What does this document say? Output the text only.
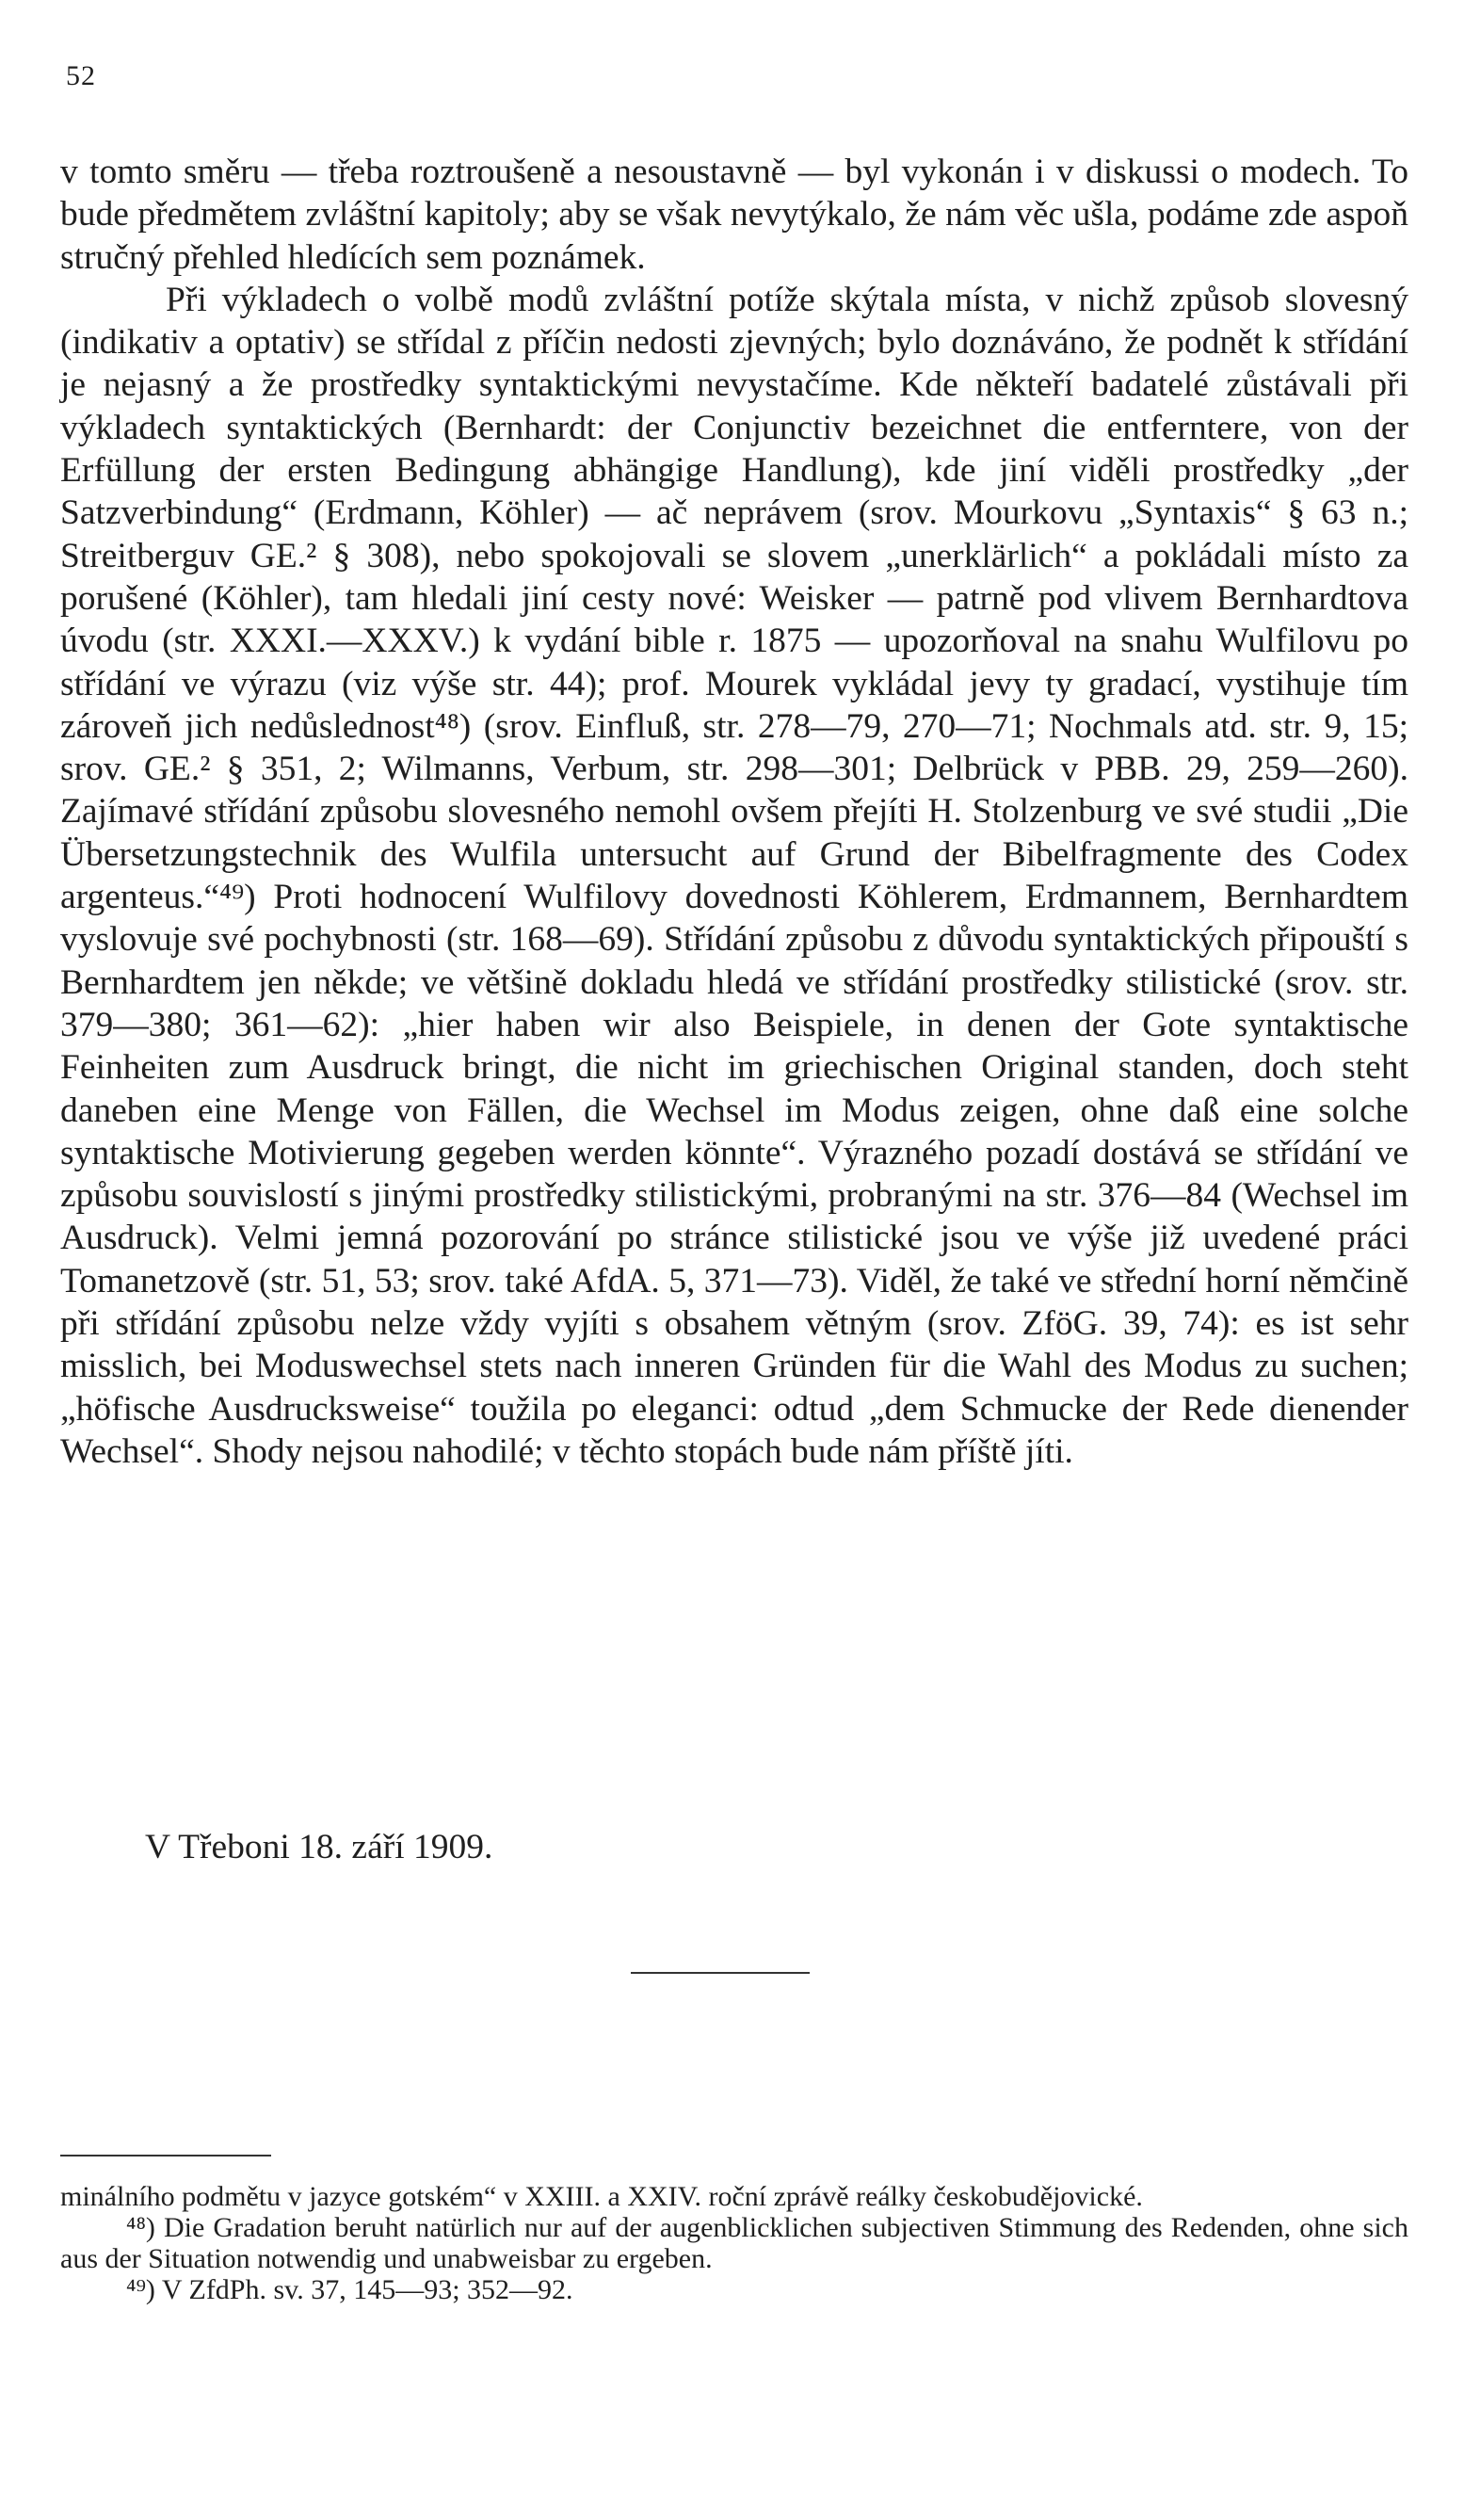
52

v tomto směru — třeba roztroušeně a nesoustavně — byl vykonán i v diskussi o modech. To bude předmětem zvláštní kapitoly; aby se však nevytýkalo, že nám věc ušla, podáme zde aspoň stručný přehled hledících sem poznámek.

Při výkladech o volbě modů zvláštní potíže skýtala místa, v nichž způsob slovesný (indikativ a optativ) se střídal z příčin nedosti zjevných; bylo doznáváno, že podnět k střídání je nejasný a že prostředky syntaktickými nevystačíme. Kde někteří badatelé zůstávali při výkladech syntaktických (Bernhardt: der Conjunctiv bezeichnet die entferntere, von der Erfüllung der ersten Bedingung abhängige Handlung), kde jiní viděli prostředky „der Satzverbindung“ (Erdmann, Köhler) — ač neprávem (srov. Mourkovu „Syntaxis“ § 63 n.; Streitberguv GE.² § 308), nebo spokojovali se slovem „unerklärlich“ a pokládali místo za porušené (Köhler), tam hledali jiní cesty nové: Weisker — patrně pod vlivem Bernhardtova úvodu (str. XXXI.—XXXV.) k vydání bible r. 1875 — upozorňoval na snahu Wulfilovu po střídání ve výrazu (viz výše str. 44); prof. Mourek vykládal jevy ty gradací, vystihuje tím zároveň jich nedůslednost⁴⁸) (srov. Einfluß, str. 278—79, 270—71; Nochmals atd. str. 9, 15; srov. GE.² § 351, 2; Wilmanns, Verbum, str. 298—301; Delbrück v PBB. 29, 259—260). Zajímavé střídání způsobu slovesného nemohl ovšem přejíti H. Stolzenburg ve své studii „Die Übersetzungstechnik des Wulfila untersucht auf Grund der Bibelfragmente des Codex argenteus.“⁴⁹) Proti hodnocení Wulfilovy dovednosti Köhlerem, Erdmannem, Bernhardtem vyslovuje své pochybnosti (str. 168—69). Střídání způsobu z důvodu syntaktických připouští s Bernhardtem jen někde; ve většině dokladu hledá ve střídání prostředky stilistické (srov. str. 379—380; 361—62): „hier haben wir also Beispiele, in denen der Gote syntaktische Feinheiten zum Ausdruck bringt, die nicht im griechischen Original standen, doch steht daneben eine Menge von Fällen, die Wechsel im Modus zeigen, ohne daß eine solche syntaktische Motivierung gegeben werden könnte“. Výrazného pozadí dostává se střídání ve způsobu souvislostí s jinými prostředky stilistickými, probranými na str. 376—84 (Wechsel im Ausdruck). Velmi jemná pozorování po stránce stilistické jsou ve výše již uvedené práci Tomanetzově (str. 51, 53; srov. také AfdA. 5, 371—73). Viděl, že také ve střední horní němčině při střídání způsobu nelze vždy vyjíti s obsahem větným (srov. ZföG. 39, 74): es ist sehr misslich, bei Moduswechsel stets nach inneren Gründen für die Wahl des Modus zu suchen; „höfische Ausdrucksweise“ toužila po eleganci: odtud „dem Schmucke der Rede dienender Wechsel“. Shody nejsou nahodilé; v těchto stopách bude nám příště jíti.

V Třeboni 18. září 1909.

minálního podmětu v jazyce gotském“ v XXIII. a XXIV. roční zprávě reálky českobudějovické.

⁴⁸) Die Gradation beruht natürlich nur auf der augenblicklichen subjectiven Stimmung des Redenden, ohne sich aus der Situation notwendig und unabweisbar zu ergeben.

⁴⁹) V ZfdPh. sv. 37, 145—93; 352—92.
